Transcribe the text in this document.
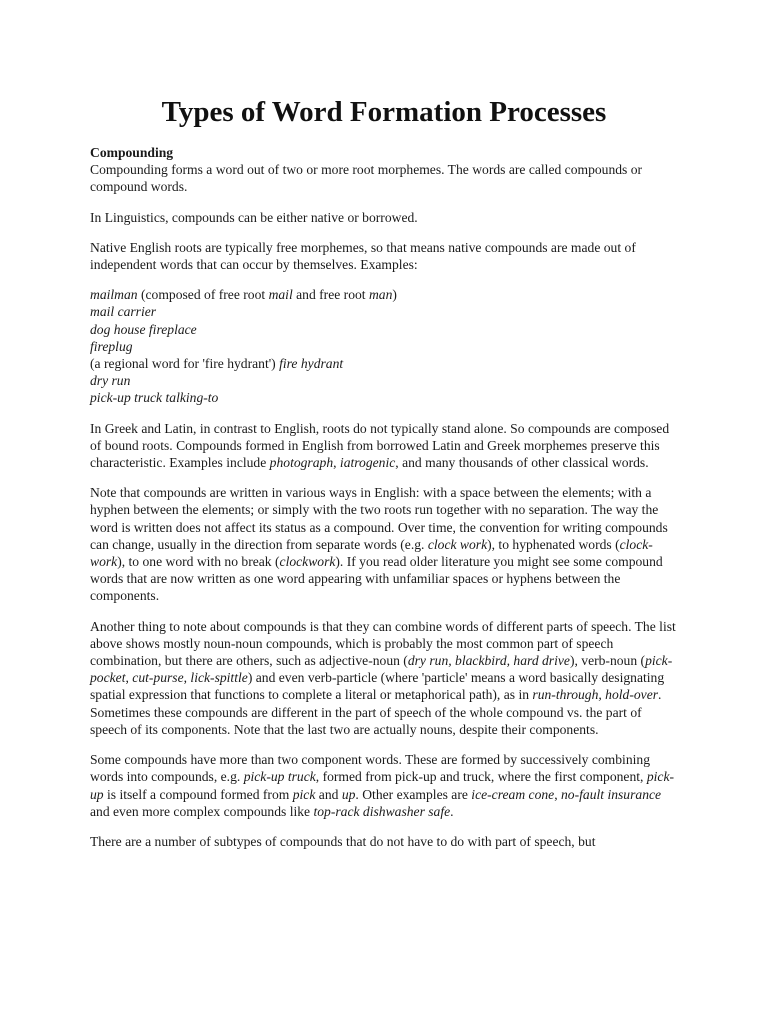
Types of Word Formation Processes

Compounding
Compounding forms a word out of two or more root morphemes. The words are called compounds or compound words.

In Linguistics, compounds can be either native or borrowed.

Native English roots are typically free morphemes, so that means native compounds are made out of independent words that can occur by themselves. Examples:

mailman (composed of free root mail and free root man)
mail carrier
dog house fireplace
fireplug
(a regional word for 'fire hydrant') fire hydrant
dry run
pick-up truck talking-to

In Greek and Latin, in contrast to English, roots do not typically stand alone. So compounds are composed of bound roots. Compounds formed in English from borrowed Latin and Greek morphemes preserve this characteristic. Examples include photograph, iatrogenic, and many thousands of other classical words.

Note that compounds are written in various ways in English: with a space between the elements; with a hyphen between the elements; or simply with the two roots run together with no separation. The way the word is written does not affect its status as a compound. Over time, the convention for writing compounds can change, usually in the direction from separate words (e.g. clock work), to hyphenated words (clock-work), to one word with no break (clockwork). If you read older literature you might see some compound words that are now written as one word appearing with unfamiliar spaces or hyphens between the components.

Another thing to note about compounds is that they can combine words of different parts of speech. The list above shows mostly noun-noun compounds, which is probably the most common part of speech combination, but there are others, such as adjective-noun (dry run, blackbird, hard drive), verb-noun (pick-pocket, cut-purse, lick-spittle) and even verb-particle (where 'particle' means a word basically designating spatial expression that functions to complete a literal or metaphorical path), as in run-through, hold-over. Sometimes these compounds are different in the part of speech of the whole compound vs. the part of speech of its components. Note that the last two are actually nouns, despite their components.

Some compounds have more than two component words. These are formed by successively combining words into compounds, e.g. pick-up truck, formed from pick-up and truck, where the first component, pick-up is itself a compound formed from pick and up. Other examples are ice-cream cone, no-fault insurance and even more complex compounds like top-rack dishwasher safe.

There are a number of subtypes of compounds that do not have to do with part of speech, but
